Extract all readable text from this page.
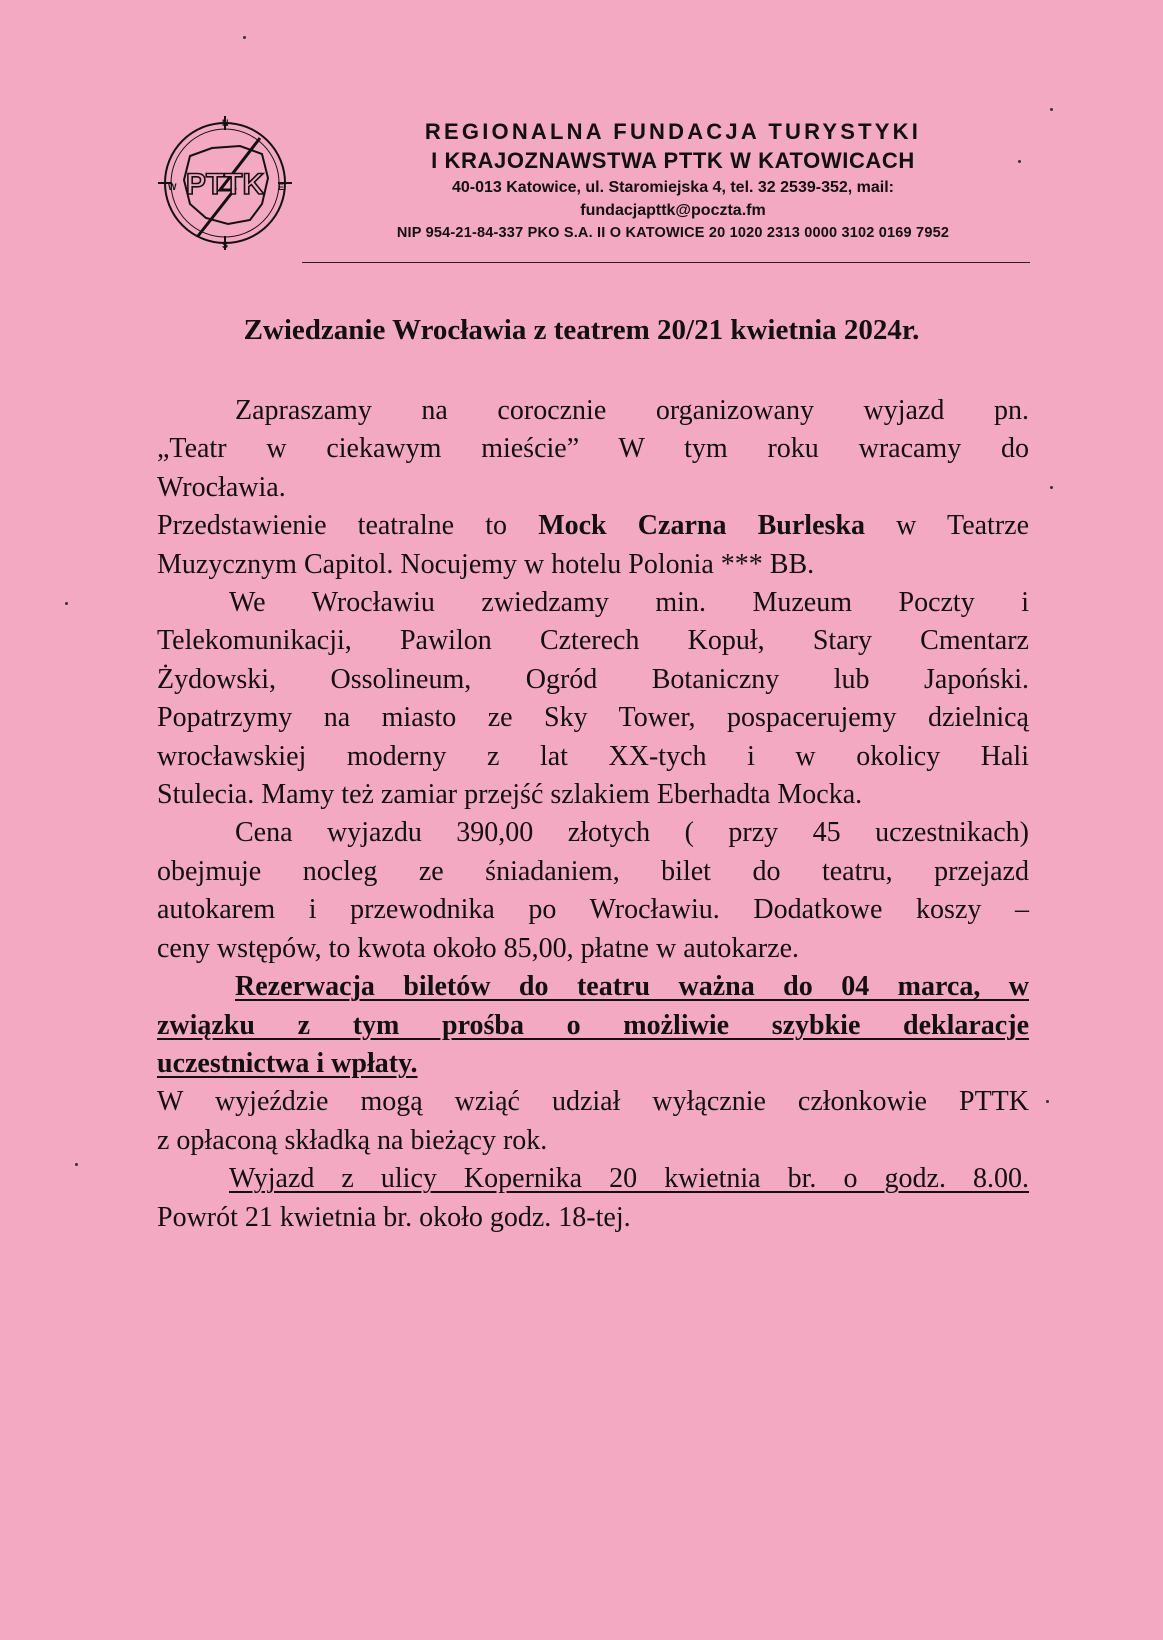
W	E
N
S
PTTK
REGIONALNA FUNDACJA TURYSTYKI
I KRAJOZNAWSTWA PTTK W KATOWICACH
40-013 Katowice, ul. Staromiejska 4, tel. 32 2539-352, mail:
fundacjapttk@poczta.fm
NIP 954-21-84-337 PKO S.A. II O KATOWICE 20 1020 2313 0000 3102 0169 7952
Zwiedzanie Wrocławia z teatrem 20/21 kwietnia 2024r.
Zapraszamy na corocznie organizowany wyjazd pn.
„Teatr w ciekawym mieście” W tym roku wracamy do
Wrocławia.
Przedstawienie teatralne to Mock Czarna Burleska w Teatrze
Muzycznym Capitol. Nocujemy w hotelu Polonia *** BB.
We Wrocławiu zwiedzamy min. Muzeum Poczty i
Telekomunikacji, Pawilon Czterech Kopuł, Stary Cmentarz
Żydowski, Ossolineum, Ogród Botaniczny lub Japoński.
Popatrzymy na miasto ze Sky Tower, pospacerujemy dzielnicą
wrocławskiej moderny z lat XX-tych i w okolicy Hali
Stulecia. Mamy też zamiar przejść szlakiem Eberhadta Mocka.
Cena wyjazdu 390,00 złotych ( przy 45 uczestnikach)
obejmuje nocleg ze śniadaniem, bilet do teatru, przejazd
autokarem i przewodnika po Wrocławiu. Dodatkowe koszy –
ceny wstępów, to kwota około 85,00, płatne w autokarze.
Rezerwacja biletów do teatru ważna do 04 marca, w
związku z tym prośba o możliwie szybkie deklaracje
uczestnictwa i wpłaty.
W wyjeździe mogą wziąć udział wyłącznie członkowie PTTK
z opłaconą składką na bieżący rok.
Wyjazd z ulicy Kopernika 20 kwietnia br. o godz. 8.00.
Powrót 21 kwietnia br. około godz. 18-tej.
